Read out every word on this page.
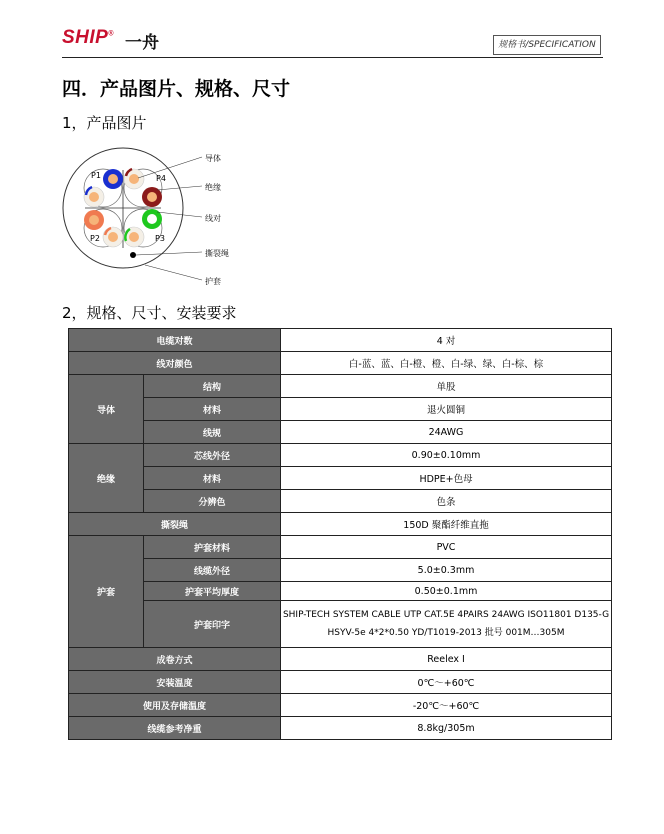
SHIP® 一舟	规格书/SPECIFICATION
四．产品图片、规格、尺寸
1，产品图片
P1	P4
P2	P3
导体
绝缘
线对
撕裂绳
护套
2，规格、尺寸、安装要求
电缆对数		4 对
线对颜色		白-蓝、蓝、白-橙、橙、白-绿、绿、白-棕、棕
导体	结构	单股
	材料	退火圆铜
	线规	24AWG
绝缘	芯线外径	0.90±0.10mm
	材料	HDPE+色母
	分辨色	色条
撕裂绳		150D 聚酯纤维直拖
护套	护套材料	PVC
	线缆外径	5.0±0.3mm
	护套平均厚度	0.50±0.1mm
	护套印字	SHIP-TECH SYSTEM CABLE UTP CAT.5E 4PAIRS 24AWG ISO11801 D135-G HSYV-5e 4*2*0.50 YD/T1019-2013 批号 001M…305M
成卷方式		Reelex I
安装温度		0℃～+60℃
使用及存储温度		-20℃～+60℃
线缆参考净重		8.8kg/305m
